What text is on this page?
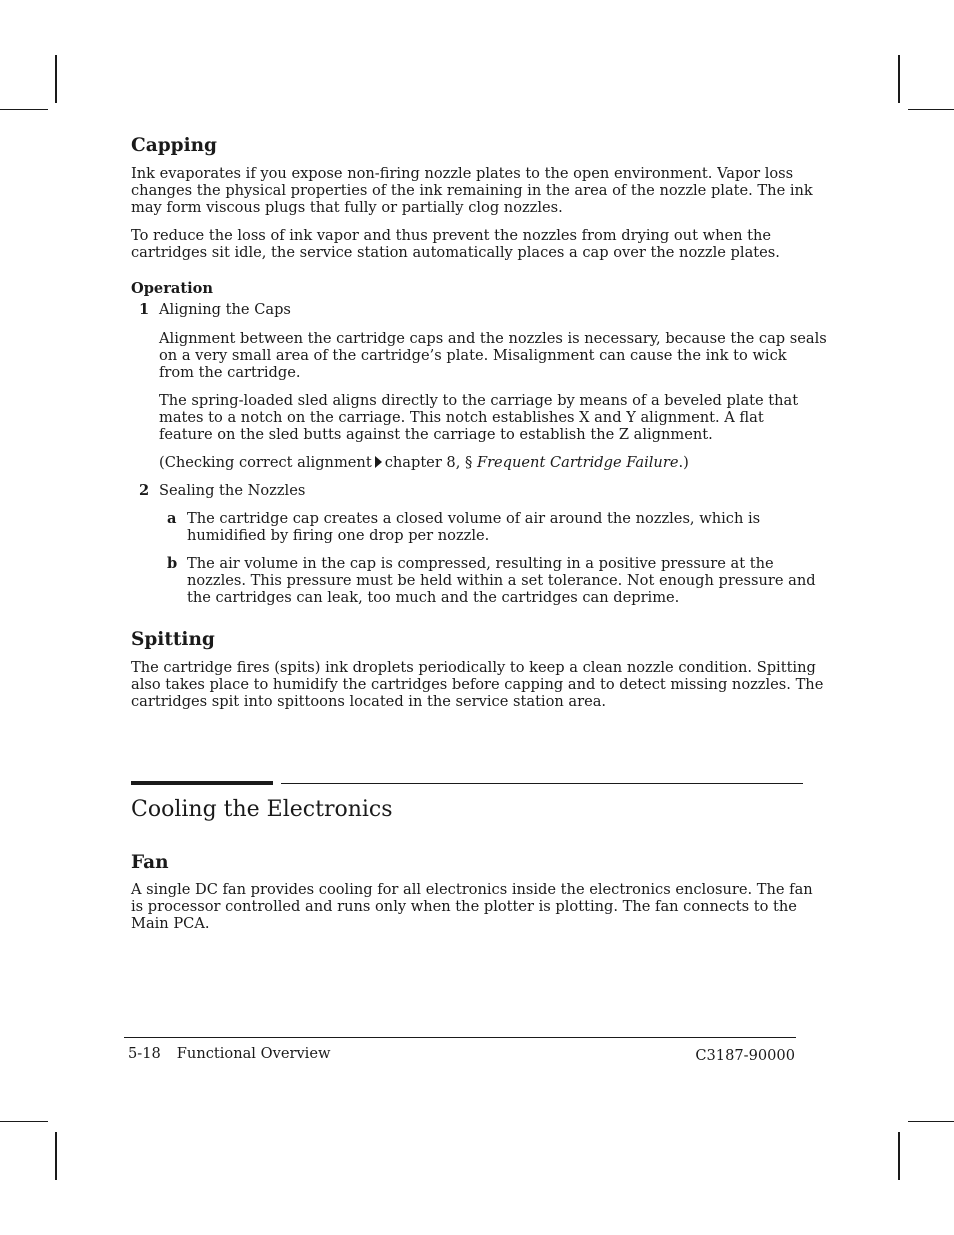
Capping

Ink evaporates if you expose non-firing nozzle plates to the open environment. Vapor loss
changes the physical properties of the ink remaining in the area of the nozzle plate. The ink
may form viscous plugs that fully or partially clog nozzles.

To reduce the loss of ink vapor and thus prevent the nozzles from drying out when the
cartridges sit idle, the service station automatically places a cap over the nozzle plates.

Operation
1 Aligning the Caps

Alignment between the cartridge caps and the nozzles is necessary, because the cap seals
on a very small area of the cartridge’s plate. Misalignment can cause the ink to wick
from the cartridge.

The spring-loaded sled aligns directly to the carriage by means of a beveled plate that
mates to a notch on the carriage. This notch establishes X and Y alignment. A flat
feature on the sled butts against the carriage to establish the Z alignment.

(Checking correct alignment chapter 8, § Frequent Cartridge Failure.)

2 Sealing the Nozzles
a The cartridge cap creates a closed volume of air around the nozzles, which is
humidified by firing one drop per nozzle.

b The air volume in the cap is compressed, resulting in a positive pressure at the
nozzles. This pressure must be held within a set tolerance. Not enough pressure and
the cartridges can leak, too much and the cartridges can deprime.

Spitting

The cartridge fires (spits) ink droplets periodically to keep a clean nozzle condition. Spitting
also takes place to humidify the cartridges before capping and to detect missing nozzles. The
cartridges spit into spittoons located in the service station area.

Cooling the Electronics
Fan

A single DC fan provides cooling for all electronics inside the electronics enclosure. The fan
is processor controlled and runs only when the plotter is plotting. The fan connects to the
Main PCA.

5-18 Functional Overview	C3187-90000
